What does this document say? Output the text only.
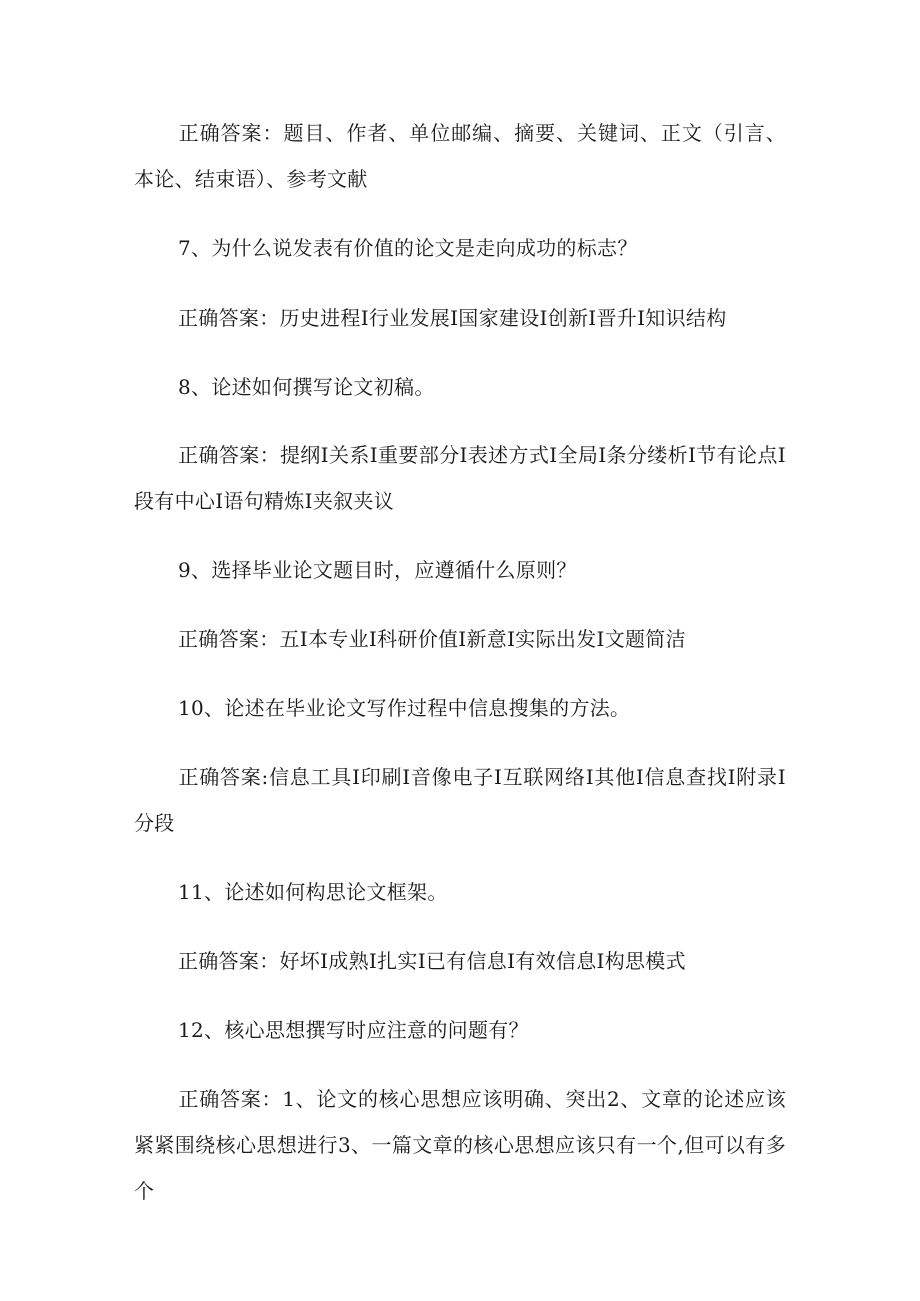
正确答案：题目、作者、单位邮编、摘要、关键词、正文（引言、本论、结束语）、参考文献

7、为什么说发表有价值的论文是走向成功的标志？

正确答案：历史进程I行业发展I国家建设I创新I晋升I知识结构

8、论述如何撰写论文初稿。

正确答案：提纲I关系I重要部分I表述方式I全局I条分缕析I节有论点I段有中心I语句精炼I夹叙夹议

9、选择毕业论文题目时，应遵循什么原则？

正确答案：五I本专业I科研价值I新意I实际出发I文题简洁

10、论述在毕业论文写作过程中信息搜集的方法。

正确答案:信息工具I印刷I音像电子I互联网络I其他I信息查找I附录I分段

11、论述如何构思论文框架。

正确答案：好坏I成熟I扎实I已有信息I有效信息I构思模式

12、核心思想撰写时应注意的问题有？

正确答案：1、论文的核心思想应该明确、突出2、文章的论述应该紧紧围绕核心思想进行3、一篇文章的核心思想应该只有一个,但可以有多个
